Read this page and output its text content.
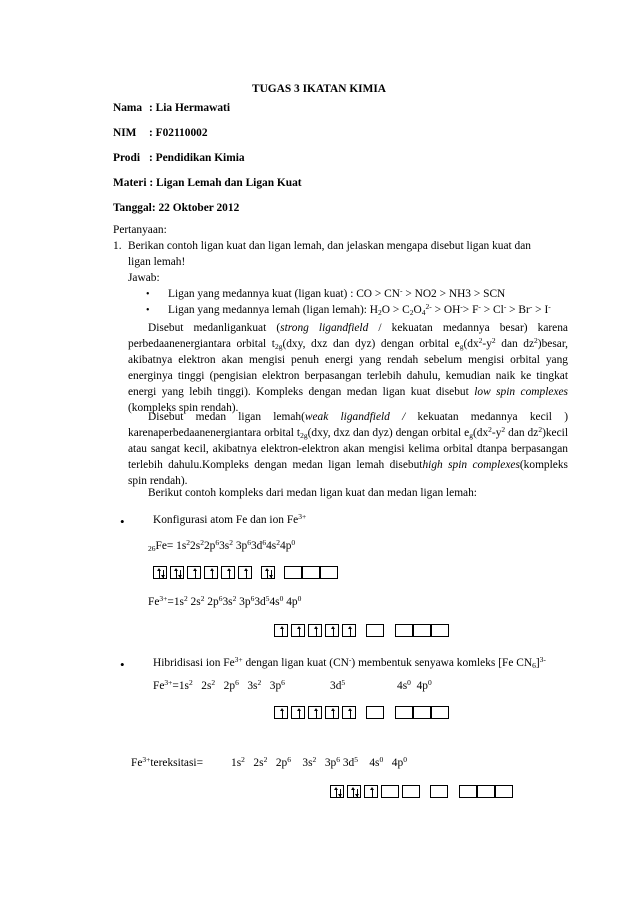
TUGAS 3 IKATAN KIMIA
Nama : Lia Hermawati
NIM : F02110002
Prodi : Pendidikan Kimia
Materi : Ligan Lemah dan Ligan Kuat
Tanggal: 22 Oktober 2012
Pertanyaan:
1. Berikan contoh ligan kuat dan ligan lemah, dan jelaskan mengapa disebut ligan kuat dan
ligan lemah!
Jawab:
• Ligan yang medannya kuat (ligan kuat) : CO > CN- > NO2 > NH3 > SCN
• Ligan yang medannya lemah (ligan lemah): $H_2O > C_2O_4^{2-} > OH^-> F^- > Cl^- > Br^- > I^-$
Disebut medanligankuat (strong ligandfield / kekuatan medannya besar) karena perbedaanenergiantara orbital $t_{2g}(dxy$, dxz dan dyz) dengan orbital $e_g(dx^2-y^2$ dan $dz^2)besar$, akibatnya elektron akan mengisi penuh energi yang rendah sebelum mengisi orbital yang energinya tinggi (pengisian elektron berpasangan terlebih dahulu, kemudian naik ke tingkat energi yang lebih tinggi). Kompleks dengan medan ligan kuat disebut low spin complexes (kompleks spin rendah).
Disebut medan ligan lemah(weak ligandfield / kekuatan medannya kecil ) karenaperbedaanenergiantara orbital $t_{2g}(dxy$, dxz dan dyz) dengan orbital $e_g(dx^2-y^2$ dan $dz^2)kecil$ atau sangat kecil, akibatnya elektron-elektron akan mengisi kelima orbital dtanpa berpasangan terlebih dahulu.Kompleks dengan medan ligan lemah disebuthigh spin complexes(kompleks spin rendah).
Berikut contoh kompleks dari medan ligan kuat dan medan ligan lemah:
• Konfigurasi atom Fe dan ion $Fe^{3+}$
$_{26}Fe= 1s^22s^22p^63s^2$ $3p^63d^64s^24p^0$
$Fe^{3+}=1s^2$ $2s^2$ $2p^63s^2$ $3p^63d^54s^0$ $4p^0$
• Hibridisasi ion $Fe^{3+}$ dengan ligan kuat (CN-) membentuk senyawa komleks [Fe $CN_6]^{3-}$
$Fe^{3+}=1s^2$   $2s^2$   $2p^6$   $3s^2$   $3p^6$	$3d^5$	$4s^0$  $4p^0$
$Fe^{3+}tereksitasi= 1s^2$   $2s^2$   $2p^6$    $3s^2$   $3p^6$ $3d^5$    $4s^0$   $4p^0$
